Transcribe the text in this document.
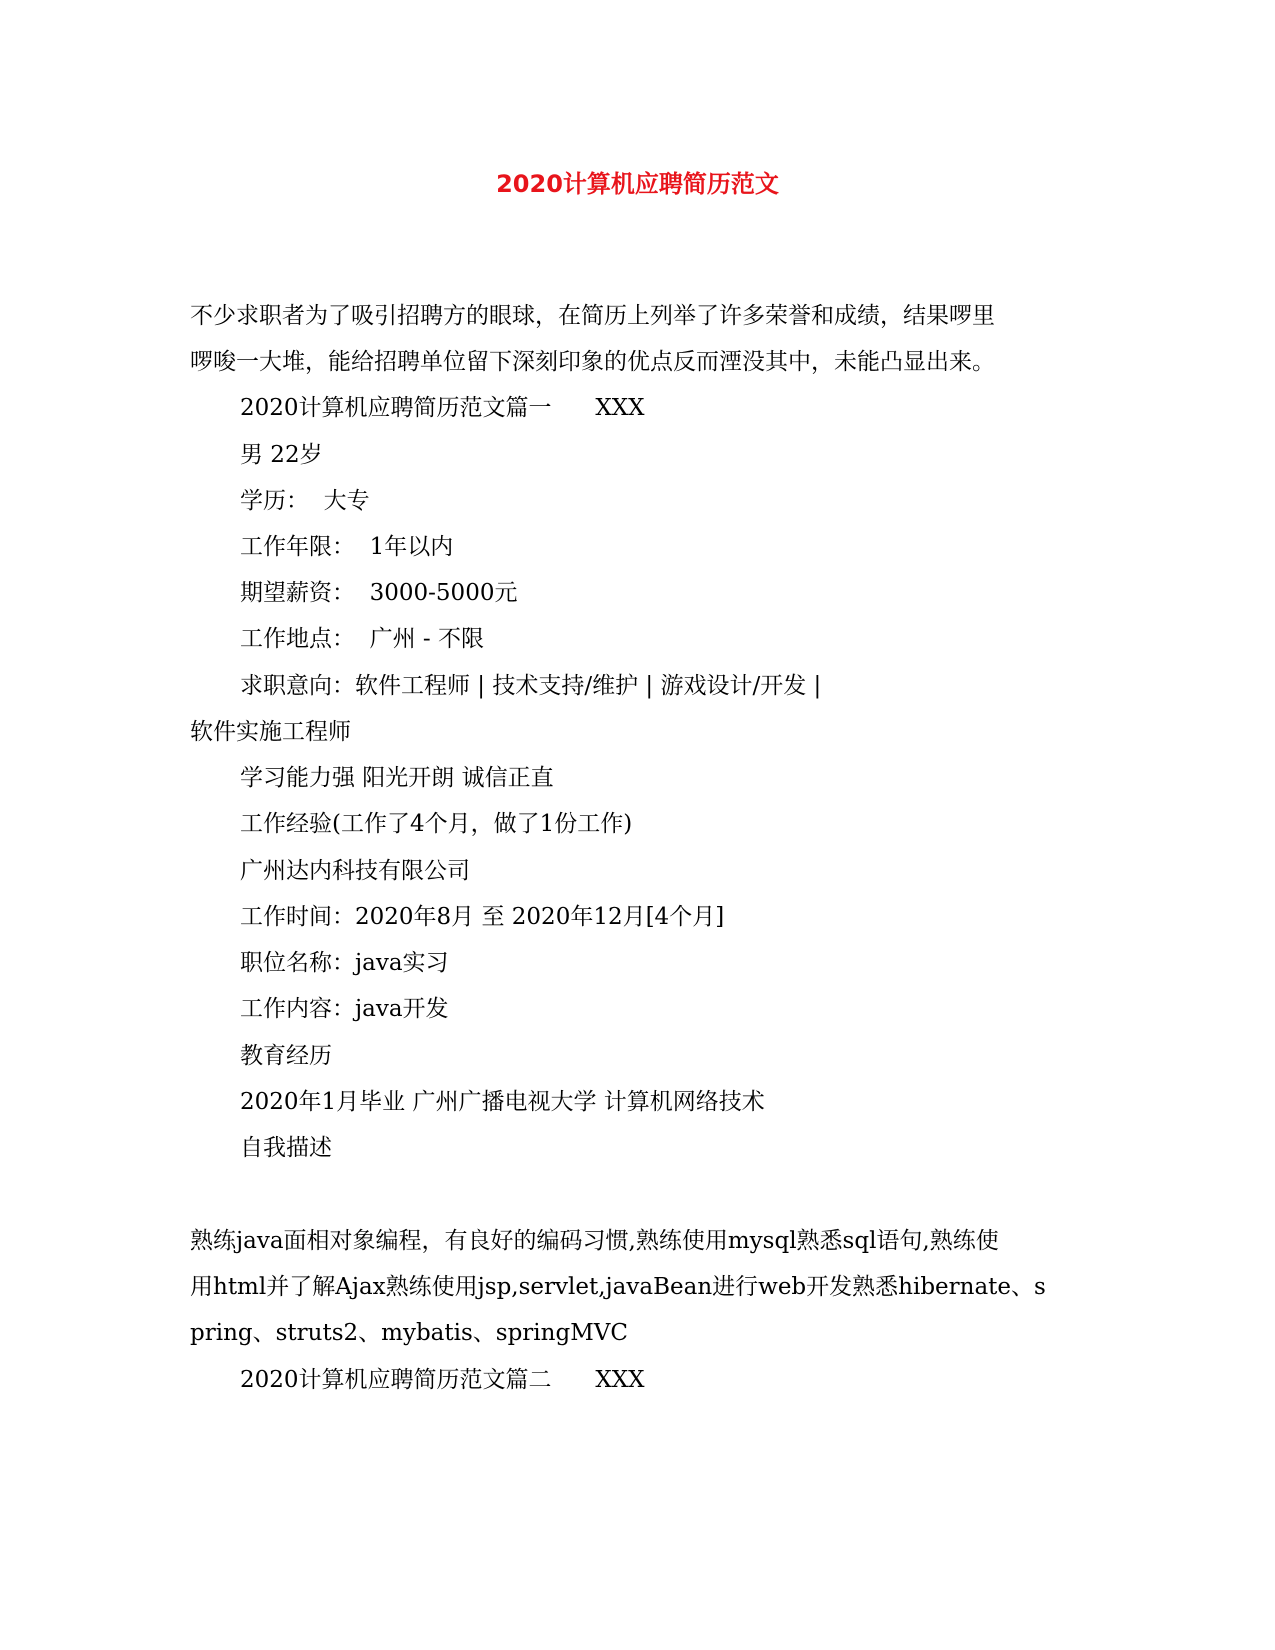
2020计算机应聘简历范文
不少求职者为了吸引招聘方的眼球，在简历上列举了许多荣誉和成绩，结果啰里
啰唆一大堆，能给招聘单位留下深刻印象的优点反而湮没其中，未能凸显出来。
2020计算机应聘简历范文篇一      XXX
男 22岁
学历：  大专
工作年限：  1年以内
期望薪资：  3000-5000元
工作地点：  广州 - 不限
求职意向：软件工程师 | 技术支持/维护 | 游戏设计/开发 |
软件实施工程师
学习能力强 阳光开朗 诚信正直
工作经验(工作了4个月，做了1份工作)
广州达内科技有限公司
工作时间：2020年8月 至 2020年12月[4个月]
职位名称：java实习
工作内容：java开发
教育经历
2020年1月毕业 广州广播电视大学 计算机网络技术
自我描述
熟练java面相对象编程，有良好的编码习惯,熟练使用mysql熟悉sql语句,熟练使
用html并了解Ajax熟练使用jsp,servlet,javaBean进行web开发熟悉hibernate、s
pring、struts2、mybatis、springMVC
2020计算机应聘简历范文篇二      XXX
